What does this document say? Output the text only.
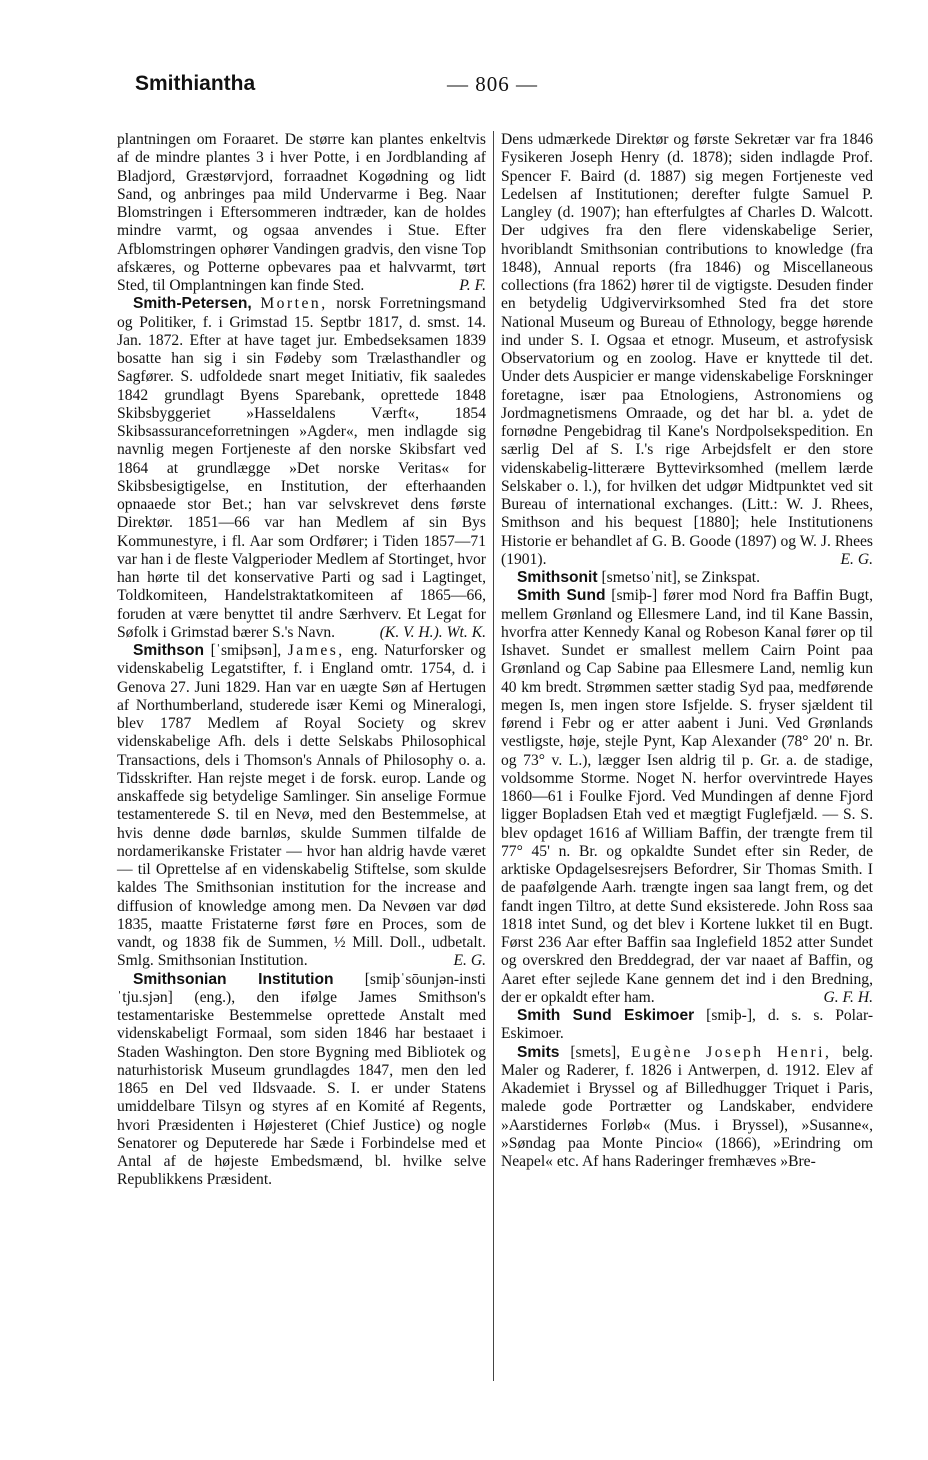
Smithiantha	— 806 —

plantningen om Foraaret. De større kan plantes enkeltvis af de mindre plantes 3 i hver Potte, i en Jordblanding af Bladjord, Græstørvjord, forraadnet Kogødning og lidt Sand, og anbringes paa mild Undervarme i Beg. Naar Blomstringen i Eftersommeren indtræder, kan de holdes mindre varmt, og ogsaa anvendes i Stue. Efter Afblomstringen ophører Vandingen gradvis, den visne Top afskæres, og Potterne opbevares paa et halvvarmt, tørt Sted, til Omplantningen kan finde Sted.	P. F.

Smith-Petersen, Morten, norsk Forretningsmand og Politiker, f. i Grimstad 15. Septbr 1817, d. smst. 14. Jan. 1872. Efter at have taget jur. Embedseksamen 1839 bosatte han sig i sin Fødeby som Trælasthandler og Sagfører. S. udfoldede snart meget Initiativ, fik saaledes 1842 grundlagt Byens Sparebank, oprettede 1848 Skibsbyggeriet »Hasseldalens Værft«, 1854 Skibsassuranceforretningen »Agder«, men indlagde sig navnlig megen Fortjeneste af den norske Skibsfart ved 1864 at grundlægge »Det norske Veritas« for Skibsbesigtigelse, en Institution, der efterhaanden opnaaede stor Bet.; han var selvskrevet dens første Direktør. 1851—66 var han Medlem af sin Bys Kommunestyre, i fl. Aar som Ordfører; i Tiden 1857—71 var han i de fleste Valgperioder Medlem af Stortinget, hvor han hørte til det konservative Parti og sad i Lagtinget, Toldkomiteen, Handelstraktatkomiteen af 1865—66, foruden at være benyttet til andre Særhverv. Et Legat for Søfolk i Grimstad bærer S.'s Navn.	(K. V. H.). Wt. K.

Smithson [ˈsmiþsən], James, eng. Naturforsker og videnskabelig Legatstifter, f. i England omtr. 1754, d. i Genova 27. Juni 1829. Han var en uægte Søn af Hertugen af Northumberland, studerede især Kemi og Mineralogi, blev 1787 Medlem af Royal Society og skrev videnskabelige Afh. dels i dette Selskabs Philosophical Transactions, dels i Thomson's Annals of Philosophy o. a. Tidsskrifter. Han rejste meget i de forsk. europ. Lande og anskaffede sig betydelige Samlinger. Sin anselige Formue testamenterede S. til en Nevø, med den Bestemmelse, at hvis denne døde barnløs, skulde Summen tilfalde de nordamerikanske Fristater — hvor han aldrig havde været — til Oprettelse af en videnskabelig Stiftelse, som skulde kaldes The Smithsonian institution for the increase and diffusion of knowledge among men. Da Nevøen var død 1835, maatte Fristaterne først føre en Proces, som de vandt, og 1838 fik de Summen, ½ Mill. Doll., udbetalt. Smlg. Smithsonian Institution.	E. G.

Smithsonian Institution [smiþˈsōunjən-instiˈtju.sjən] (eng.), den ifølge James Smithson's testamentariske Bestemmelse oprettede Anstalt med videnskabeligt Formaal, som siden 1846 har bestaaet i Staden Washington. Den store Bygning med Bibliotek og naturhistorisk Museum grundlagdes 1847, men den led 1865 en Del ved Ildsvaade. S. I. er under Statens umiddelbare Tilsyn og styres af en Komité af Regents, hvori Præsidenten i Højesteret (Chief Justice) og nogle Senatorer og Deputerede har Sæde i Forbindelse med et Antal af de højeste Embedsmænd, bl. hvilke selve Republikkens Præsident.

Dens udmærkede Direktør og første Sekretær var fra 1846 Fysikeren Joseph Henry (d. 1878); siden indlagde Prof. Spencer F. Baird (d. 1887) sig megen Fortjeneste ved Ledelsen af Institutionen; derefter fulgte Samuel P. Langley (d. 1907); han efterfulgtes af Charles D. Walcott. Der udgives fra den flere videnskabelige Serier, hvoriblandt Smithsonian contributions to knowledge (fra 1848), Annual reports (fra 1846) og Miscellaneous collections (fra 1862) hører til de vigtigste. Desuden finder en betydelig Udgivervirksomhed Sted fra det store National Museum og Bureau of Ethnology, begge hørende ind under S. I. Ogsaa et etnogr. Museum, et astrofysisk Observatorium og en zoolog. Have er knyttede til det. Under dets Auspicier er mange videnskabelige Forskninger foretagne, især paa Etnologiens, Astronomiens og Jordmagnetismens Omraade, og det har bl. a. ydet de fornødne Pengebidrag til Kane's Nordpolsekspedition. En særlig Del af S. I.'s rige Arbejdsfelt er den store videnskabelig-litterære Byttevirksomhed (mellem lærde Selskaber o. l.), for hvilken det udgør Midtpunktet ved sit Bureau of international exchanges. (Litt.: W. J. Rhees, Smithson and his bequest [1880]; hele Institutionens Historie er behandlet af G. B. Goode (1897) og W. J. Rhees (1901).	E. G.

Smithsonit [smetsoˈnit], se Zinkspat.

Smith Sund [smiþ-] fører mod Nord fra Baffin Bugt, mellem Grønland og Ellesmere Land, ind til Kane Bassin, hvorfra atter Kennedy Kanal og Robeson Kanal fører op til Ishavet. Sundet er smallest mellem Cairn Point paa Grønland og Cap Sabine paa Ellesmere Land, nemlig kun 40 km bredt. Strømmen sætter stadig Syd paa, medførende megen Is, men ingen store Isfjelde. S. fryser sjældent til førend i Febr og er atter aabent i Juni. Ved Grønlands vestligste, høje, stejle Pynt, Kap Alexander (78° 20' n. Br. og 73° v. L.), lægger Isen aldrig til p. Gr. a. de stadige, voldsomme Storme. Noget N. herfor overvintrede Hayes 1860—61 i Foulke Fjord. Ved Mundingen af denne Fjord ligger Bopladsen Etah ved et mægtigt Fuglefjæld. — S. S. blev opdaget 1616 af William Baffin, der trængte frem til 77° 45' n. Br. og opkaldte Sundet efter sin Reder, de arktiske Opdagelsesrejsers Befordrer, Sir Thomas Smith. I de paafølgende Aarh. trængte ingen saa langt frem, og det fandt ingen Tiltro, at dette Sund eksisterede. John Ross saa 1818 intet Sund, og det blev i Kortene lukket til en Bugt. Først 236 Aar efter Baffin saa Inglefield 1852 atter Sundet og overskred den Breddegrad, der var naaet af Baffin, og Aaret efter sejlede Kane gennem det ind i den Bredning, der er opkaldt efter ham.	G. F. H.

Smith Sund Eskimoer [smiþ-], d. s. s. Polar-Eskimoer.

Smits [smets], Eugène Joseph Henri, belg. Maler og Raderer, f. 1826 i Antwerpen, d. 1912. Elev af Akademiet i Bryssel og af Billedhugger Triquet i Paris, malede gode Portrætter og Landskaber, endvidere »Aarstidernes Forløb« (Mus. i Bryssel), »Susanne«, »Søndag paa Monte Pincio« (1866), »Erindring om Neapel« etc. Af hans Raderinger fremhæves »Bre-
